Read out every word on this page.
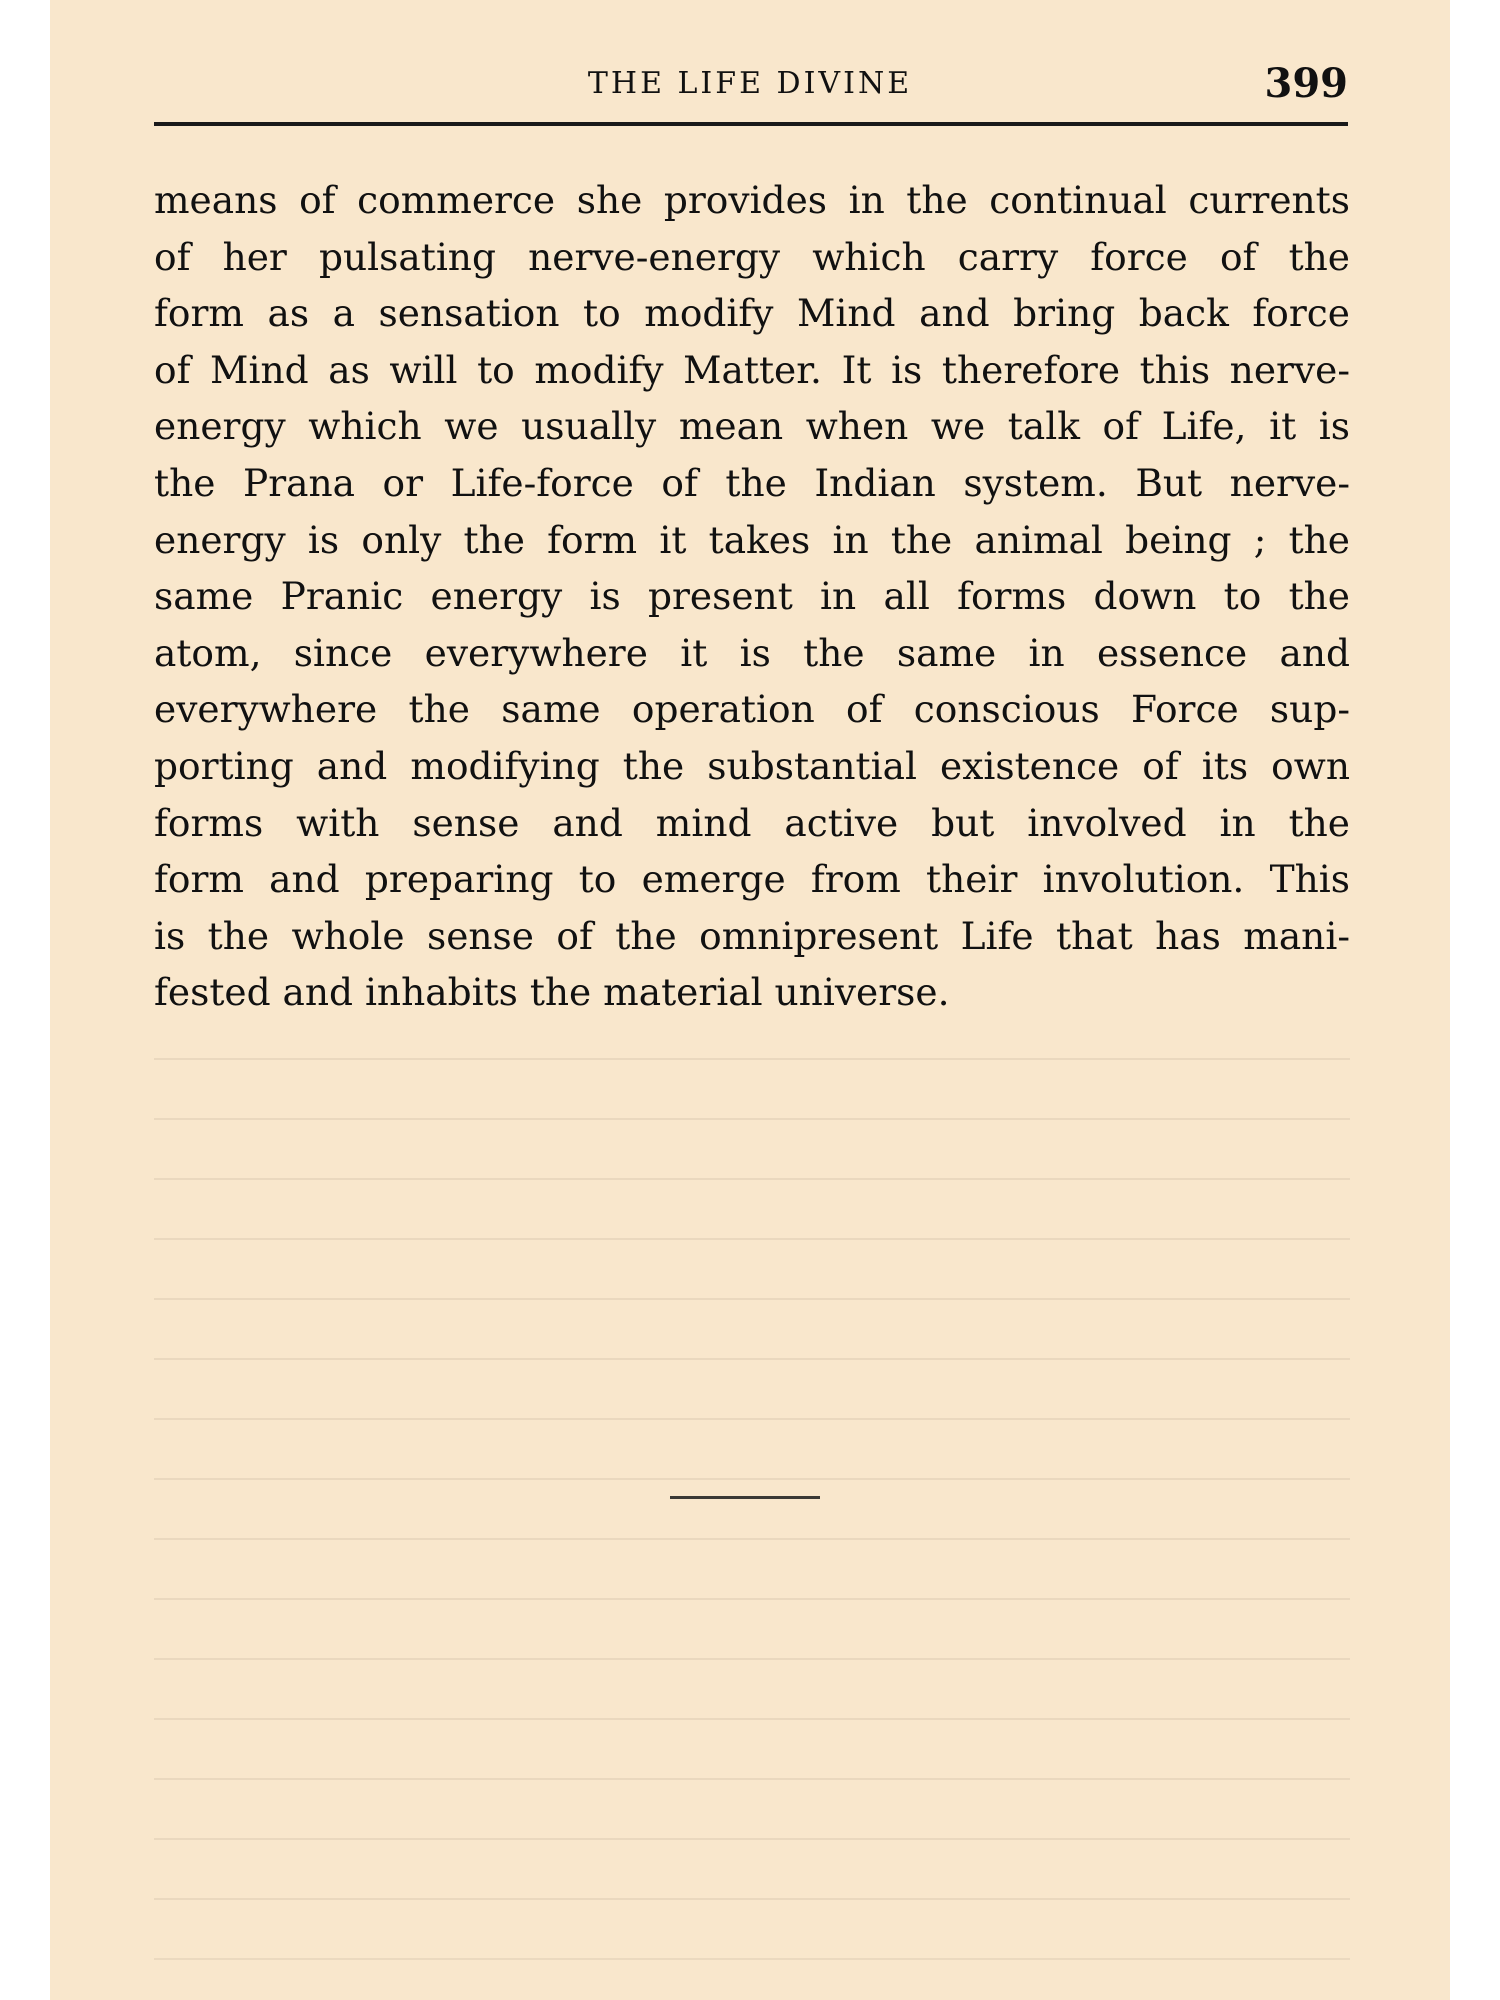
THE LIFE DIVINE	399

means of commerce she provides in the continual currents
of her pulsating nerve-energy which carry force of the
form as a sensation to modify Mind and bring back force
of Mind as will to modify Matter. It is therefore this nerve-
energy which we usually mean when we talk of Life, it is
the Prana or Life-force of the Indian system. But nerve-
energy is only the form it takes in the animal being ; the
same Pranic energy is present in all forms down to the
atom, since everywhere it is the same in essence and
everywhere the same operation of conscious Force sup-
porting and modifying the substantial existence of its own
forms with sense and mind active but involved in the
form and preparing to emerge from their involution. This
is the whole sense of the omnipresent Life that has mani-
fested and inhabits the material universe.
